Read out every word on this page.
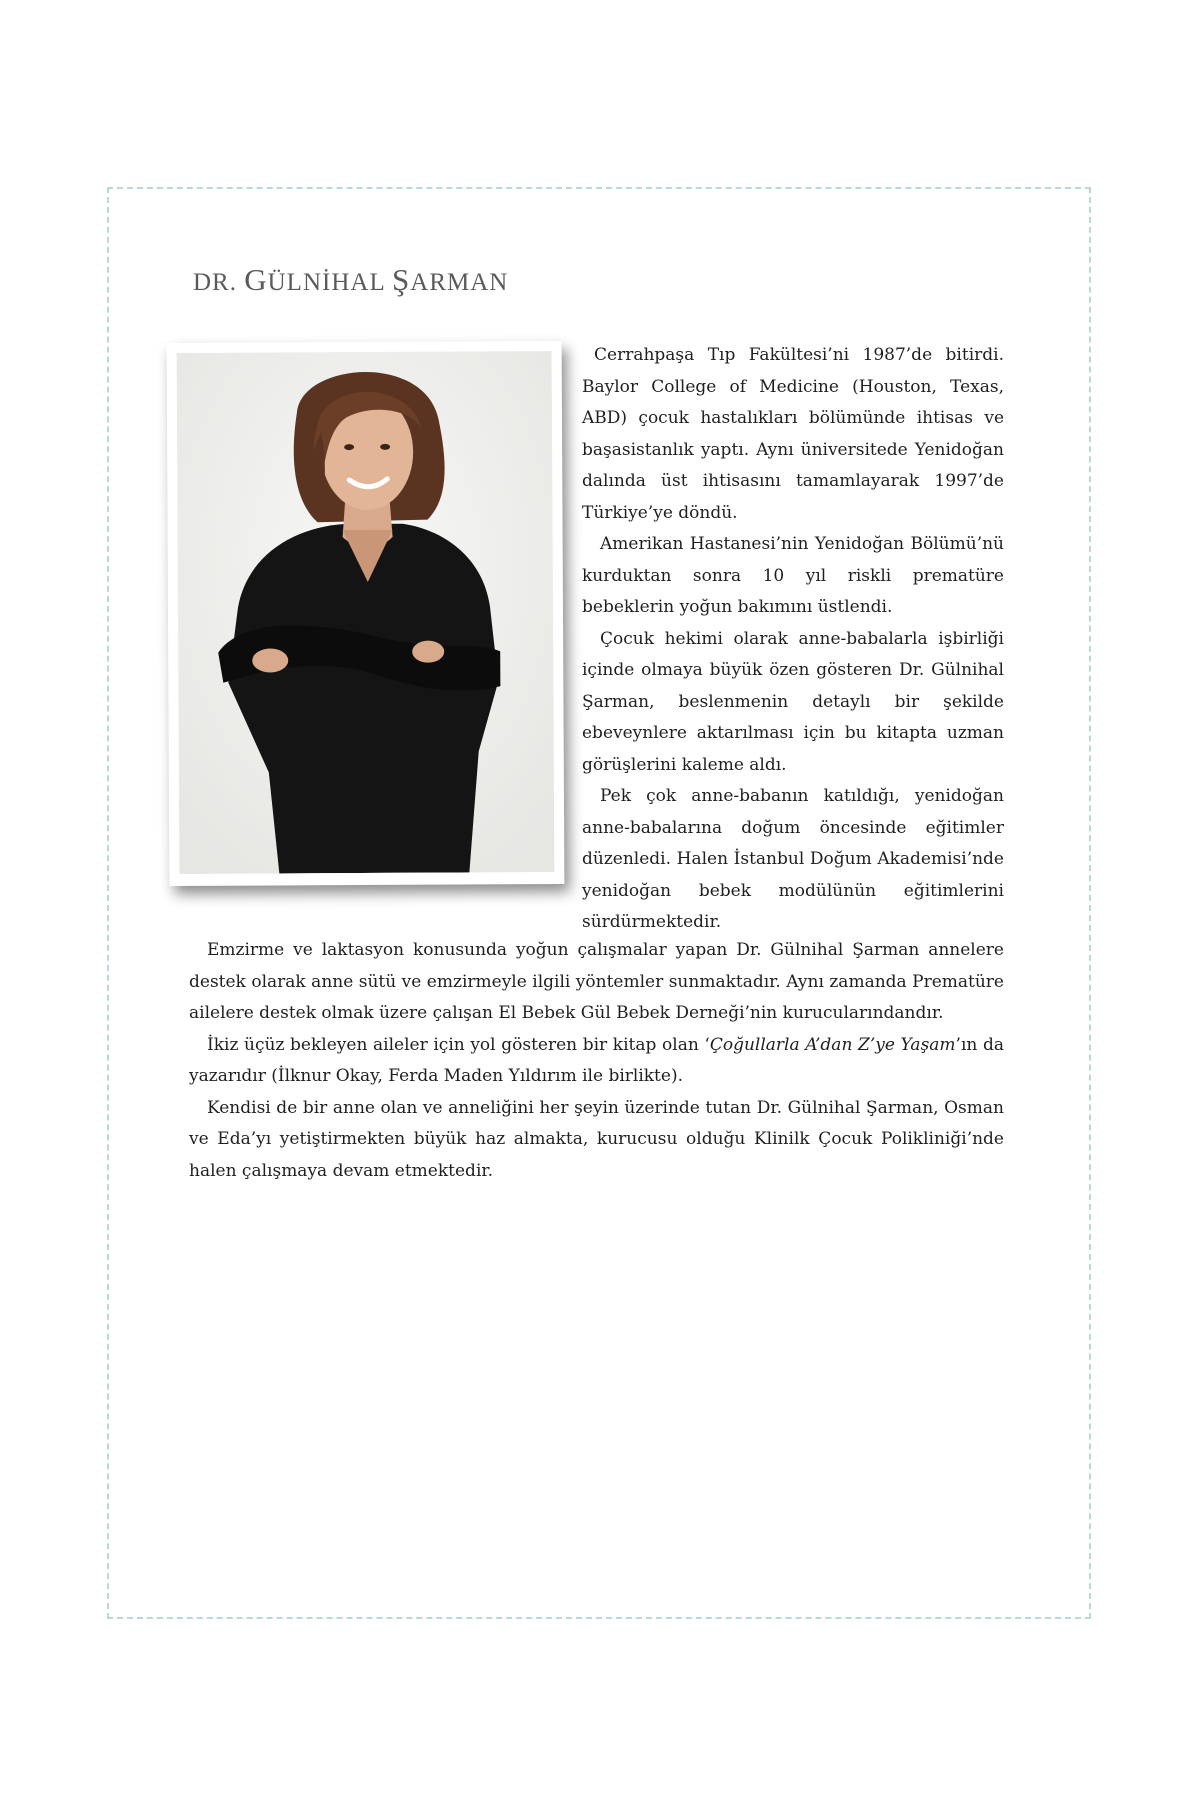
DR. GÜLNİHAL ŞARMAN

Cerrahpaşa Tıp Fakültesi’ni 1987’de bitirdi. Baylor College of Medicine (Houston, Texas, ABD) çocuk hastalıkları bölümünde ihtisas ve başasistanlık yaptı. Aynı üniversitede Yenidoğan dalında üst ihtisasını tamamlayarak 1997’de Türkiye’ye döndü.

Amerikan Hastanesi’nin Yenidoğan Bölümü’nü kurduktan sonra 10 yıl riskli prematüre bebeklerin yoğun bakımını üstlendi.

Çocuk hekimi olarak anne-babalarla işbirliği içinde olmaya büyük özen gösteren Dr. Gülnihal Şarman, beslenmenin detaylı bir şekilde ebeveynlere aktarılması için bu kitapta uzman görüşlerini kaleme aldı.

Pek çok anne-babanın katıldığı, yenidoğan anne-babalarına doğum öncesinde eğitimler düzenledi. Halen İstanbul Doğum Akademisi’nde yenidoğan bebek modülünün eğitimlerini sürdürmektedir.

Emzirme ve laktasyon konusunda yoğun çalışmalar yapan Dr. Gülnihal Şarman annelere destek olarak anne sütü ve emzirmeyle ilgili yöntemler sunmaktadır. Aynı zamanda Prematüre ailelere destek olmak üzere çalışan El Bebek Gül Bebek Derneği’nin kurucularındandır.

İkiz üçüz bekleyen aileler için yol gösteren bir kitap olan ‘Çoğullarla A’dan Z’ye Yaşam’ın da yazarıdır (İlknur Okay, Ferda Maden Yıldırım ile birlikte).

Kendisi de bir anne olan ve anneliğini her şeyin üzerinde tutan Dr. Gülnihal Şarman, Osman ve Eda’yı yetiştirmekten büyük haz almakta, kurucusu olduğu Klinilk Çocuk Polikliniği’nde halen çalışmaya devam etmektedir.
